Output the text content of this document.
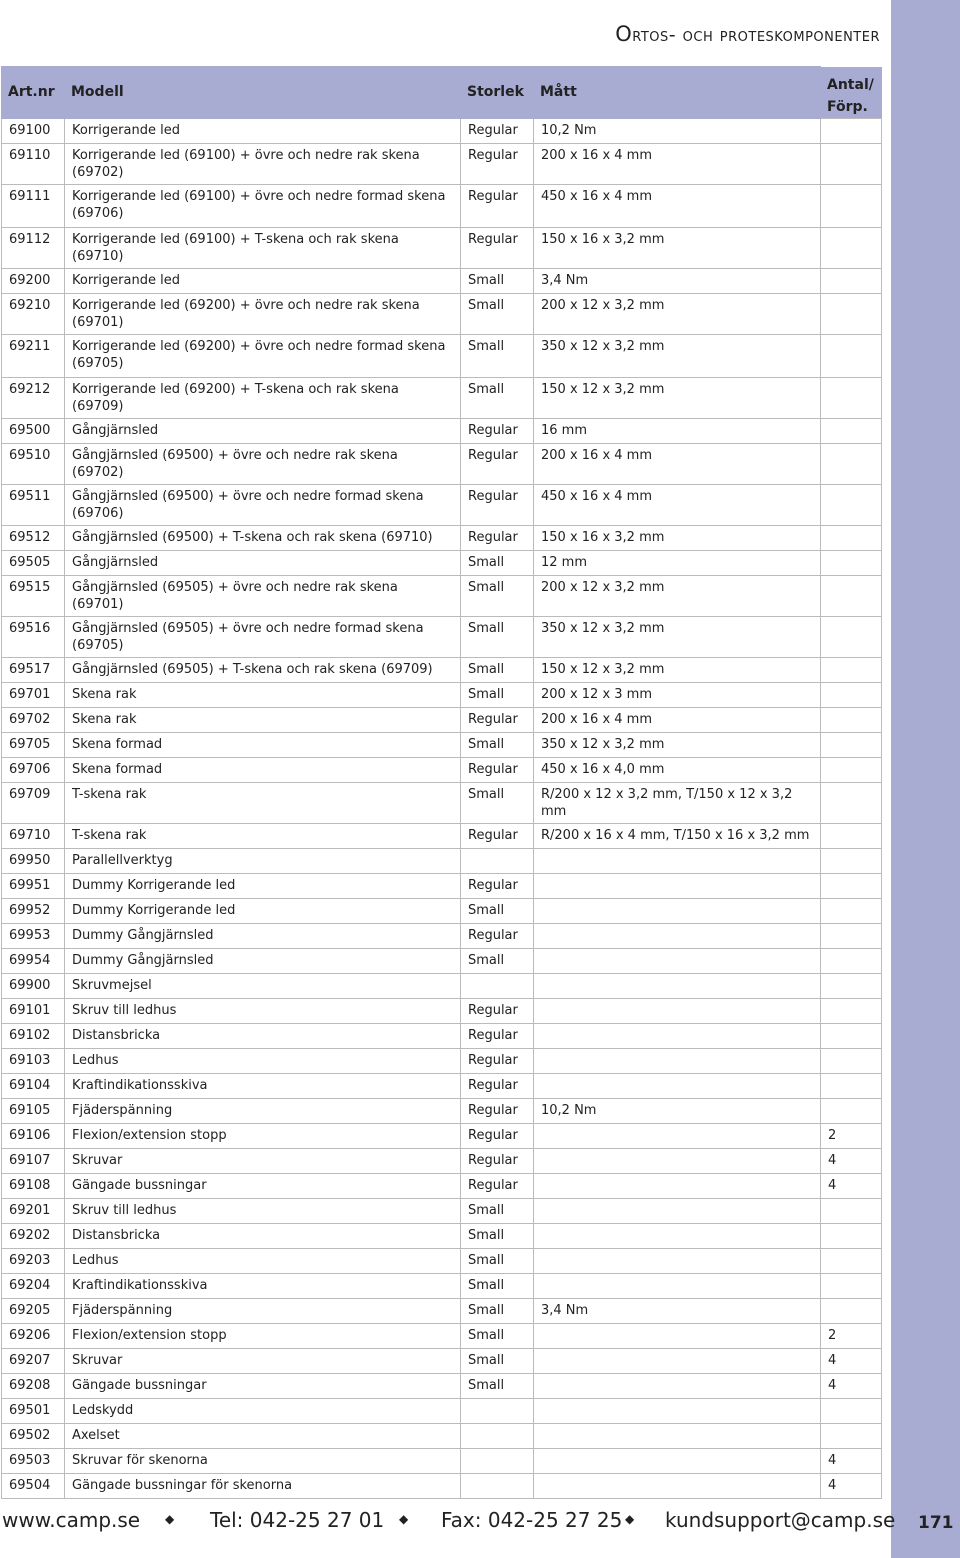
Ortos- och proteskomponenter
Art.nr	Modell	Storlek	Mått	Antal/ Förp.
69100	Korrigerande led	Regular	10,2 Nm	
69110	Korrigerande led (69100) + övre och nedre rak skena (69702)	Regular	200 x 16 x 4 mm	
69111	Korrigerande led (69100) + övre och nedre formad skena (69706)	Regular	450 x 16 x 4 mm	
69112	Korrigerande led (69100) + T-skena och rak skena (69710)	Regular	150 x 16 x 3,2 mm	
69200	Korrigerande led	Small	3,4 Nm	
69210	Korrigerande led (69200) + övre och nedre rak skena (69701)	Small	200 x 12 x 3,2 mm	
69211	Korrigerande led (69200) + övre och nedre formad skena (69705)	Small	350 x 12 x 3,2 mm	
69212	Korrigerande led (69200) + T-skena och rak skena (69709)	Small	150 x 12 x 3,2 mm	
69500	Gångjärnsled	Regular	16 mm	
69510	Gångjärnsled (69500) + övre och nedre rak skena (69702)	Regular	200 x 16 x 4 mm	
69511	Gångjärnsled (69500) + övre och nedre formad skena (69706)	Regular	450 x 16 x 4 mm	
69512	Gångjärnsled (69500) + T-skena och rak skena (69710)	Regular	150 x 16 x 3,2 mm	
69505	Gångjärnsled	Small	12 mm	
69515	Gångjärnsled (69505) + övre och nedre rak skena (69701)	Small	200 x 12 x 3,2 mm	
69516	Gångjärnsled (69505) + övre och nedre formad skena (69705)	Small	350 x 12 x 3,2 mm	
69517	Gångjärnsled (69505) + T-skena och rak skena (69709)	Small	150 x 12 x 3,2 mm	
69701	Skena rak	Small	200 x 12 x 3 mm	
69702	Skena rak	Regular	200 x 16 x 4 mm	
69705	Skena formad	Small	350 x 12 x 3,2 mm	
69706	Skena formad	Regular	450 x 16 x 4,0 mm	
69709	T-skena rak	Small	R/200 x 12 x 3,2 mm, T/150 x 12 x 3,2 mm	
69710	T-skena rak	Regular	R/200 x 16 x 4 mm, T/150 x 16 x 3,2 mm	
69950	Parallellverktyg			
69951	Dummy Korrigerande led	Regular		
69952	Dummy Korrigerande led	Small		
69953	Dummy Gångjärnsled	Regular		
69954	Dummy Gångjärnsled	Small		
69900	Skruvmejsel			
69101	Skruv till ledhus	Regular		
69102	Distansbricka	Regular		
69103	Ledhus	Regular		
69104	Kraftindikationsskiva	Regular		
69105	Fjäderspänning	Regular	10,2 Nm	
69106	Flexion/extension stopp	Regular		2
69107	Skruvar	Regular		4
69108	Gängade bussningar	Regular		4
69201	Skruv till ledhus	Small		
69202	Distansbricka	Small		
69203	Ledhus	Small		
69204	Kraftindikationsskiva	Small		
69205	Fjäderspänning	Small	3,4 Nm	
69206	Flexion/extension stopp	Small		2
69207	Skruvar	Small		4
69208	Gängade bussningar	Small		4
69501	Ledskydd			
69502	Axelset			
69503	Skruvar för skenorna			4
69504	Gängade bussningar för skenorna			4
www.camp.se ◆ Tel: 042-25 27 01 ◆ Fax: 042-25 27 25 ◆ kundsupport@camp.se 171
